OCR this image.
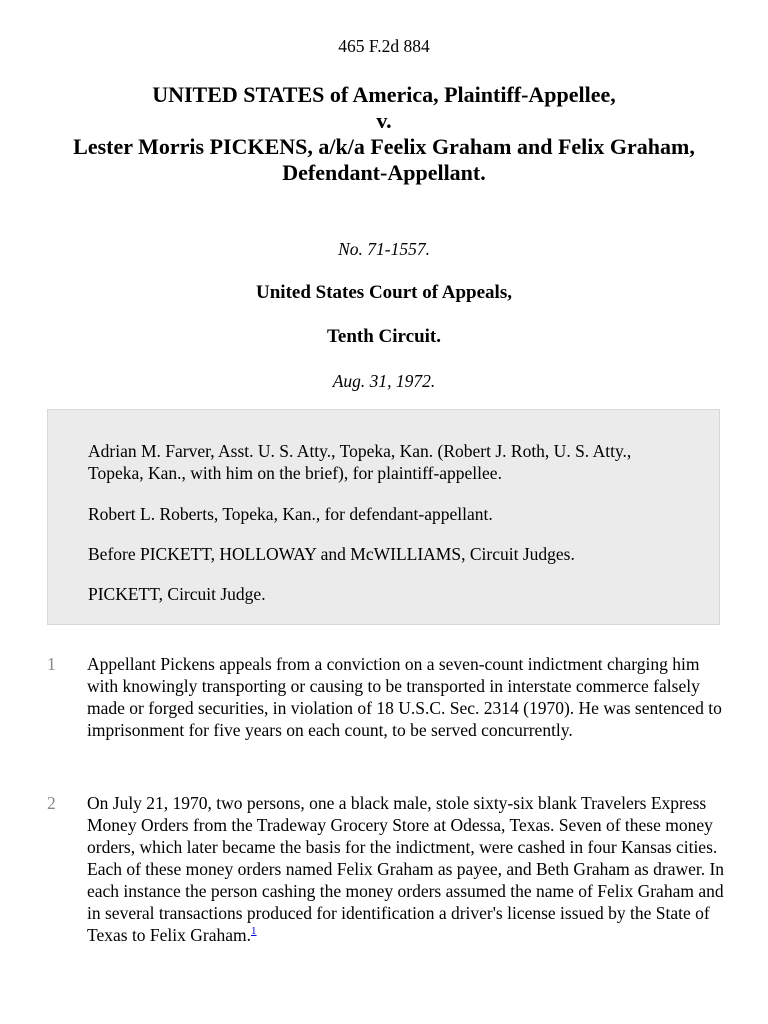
465 F.2d 884
UNITED STATES of America, Plaintiff-Appellee,
v.
Lester Morris PICKENS, a/k/a Feelix Graham and Felix Graham,
Defendant-Appellant.
No. 71-1557.
United States Court of Appeals,
Tenth Circuit.
Aug. 31, 1972.

Adrian M. Farver, Asst. U. S. Atty., Topeka, Kan. (Robert J. Roth, U. S. Atty., Topeka, Kan., with him on the brief), for plaintiff-appellee.

Robert L. Roberts, Topeka, Kan., for defendant-appellant.

Before PICKETT, HOLLOWAY and McWILLIAMS, Circuit Judges.

PICKETT, Circuit Judge.

1	Appellant Pickens appeals from a conviction on a seven-count indictment charging him with knowingly transporting or causing to be transported in interstate commerce falsely made or forged securities, in violation of 18 U.S.C. Sec. 2314 (1970). He was sentenced to imprisonment for five years on each count, to be served concurrently.

2	On July 21, 1970, two persons, one a black male, stole sixty-six blank Travelers Express Money Orders from the Tradeway Grocery Store at Odessa, Texas. Seven of these money orders, which later became the basis for the indictment, were cashed in four Kansas cities. Each of these money orders named Felix Graham as payee, and Beth Graham as drawer. In each instance the person cashing the money orders assumed the name of Felix Graham and in several transactions produced for identification a driver's license issued by the State of Texas to Felix Graham.$^1$
